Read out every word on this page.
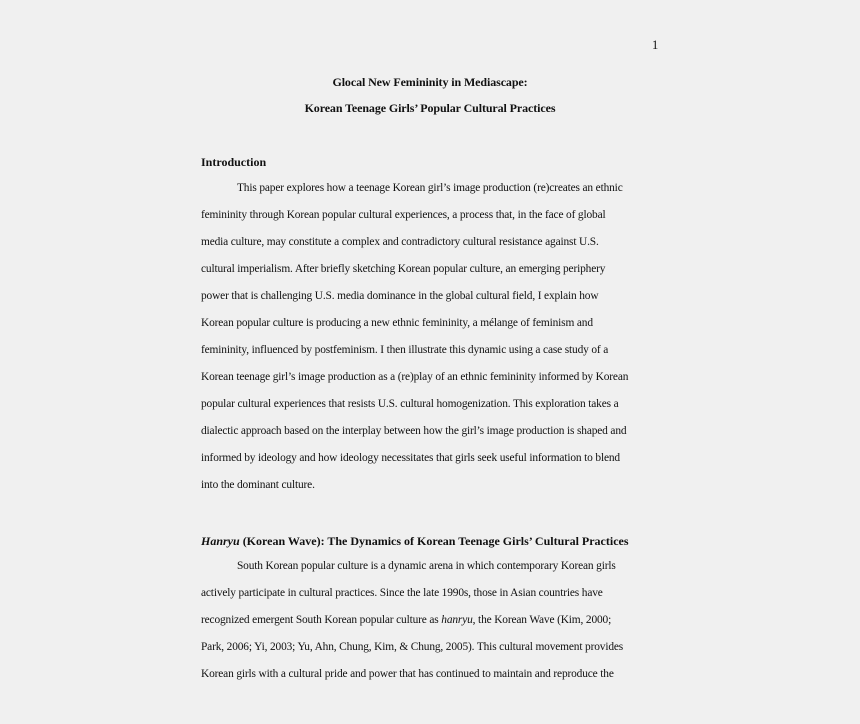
1
Glocal New Femininity in Mediascape:
Korean Teenage Girls’ Popular Cultural Practices
Introduction
This paper explores how a teenage Korean girl’s image production (re)creates an ethnic
femininity through Korean popular cultural experiences, a process that, in the face of global
media culture, may constitute a complex and contradictory cultural resistance against U.S.
cultural imperialism. After briefly sketching Korean popular culture, an emerging periphery
power that is challenging U.S. media dominance in the global cultural field, I explain how
Korean popular culture is producing a new ethnic femininity, a mélange of feminism and
femininity, influenced by postfeminism. I then illustrate this dynamic using a case study of a
Korean teenage girl’s image production as a (re)play of an ethnic femininity informed by Korean
popular cultural experiences that resists U.S. cultural homogenization. This exploration takes a
dialectic approach based on the interplay between how the girl’s image production is shaped and
informed by ideology and how ideology necessitates that girls seek useful information to blend
into the dominant culture.
Hanryu (Korean Wave): The Dynamics of Korean Teenage Girls’ Cultural Practices
South Korean popular culture is a dynamic arena in which contemporary Korean girls
actively participate in cultural practices. Since the late 1990s, those in Asian countries have
recognized emergent South Korean popular culture as hanryu, the Korean Wave (Kim, 2000;
Park, 2006; Yi, 2003; Yu, Ahn, Chung, Kim, & Chung, 2005). This cultural movement provides
Korean girls with a cultural pride and power that has continued to maintain and reproduce the
